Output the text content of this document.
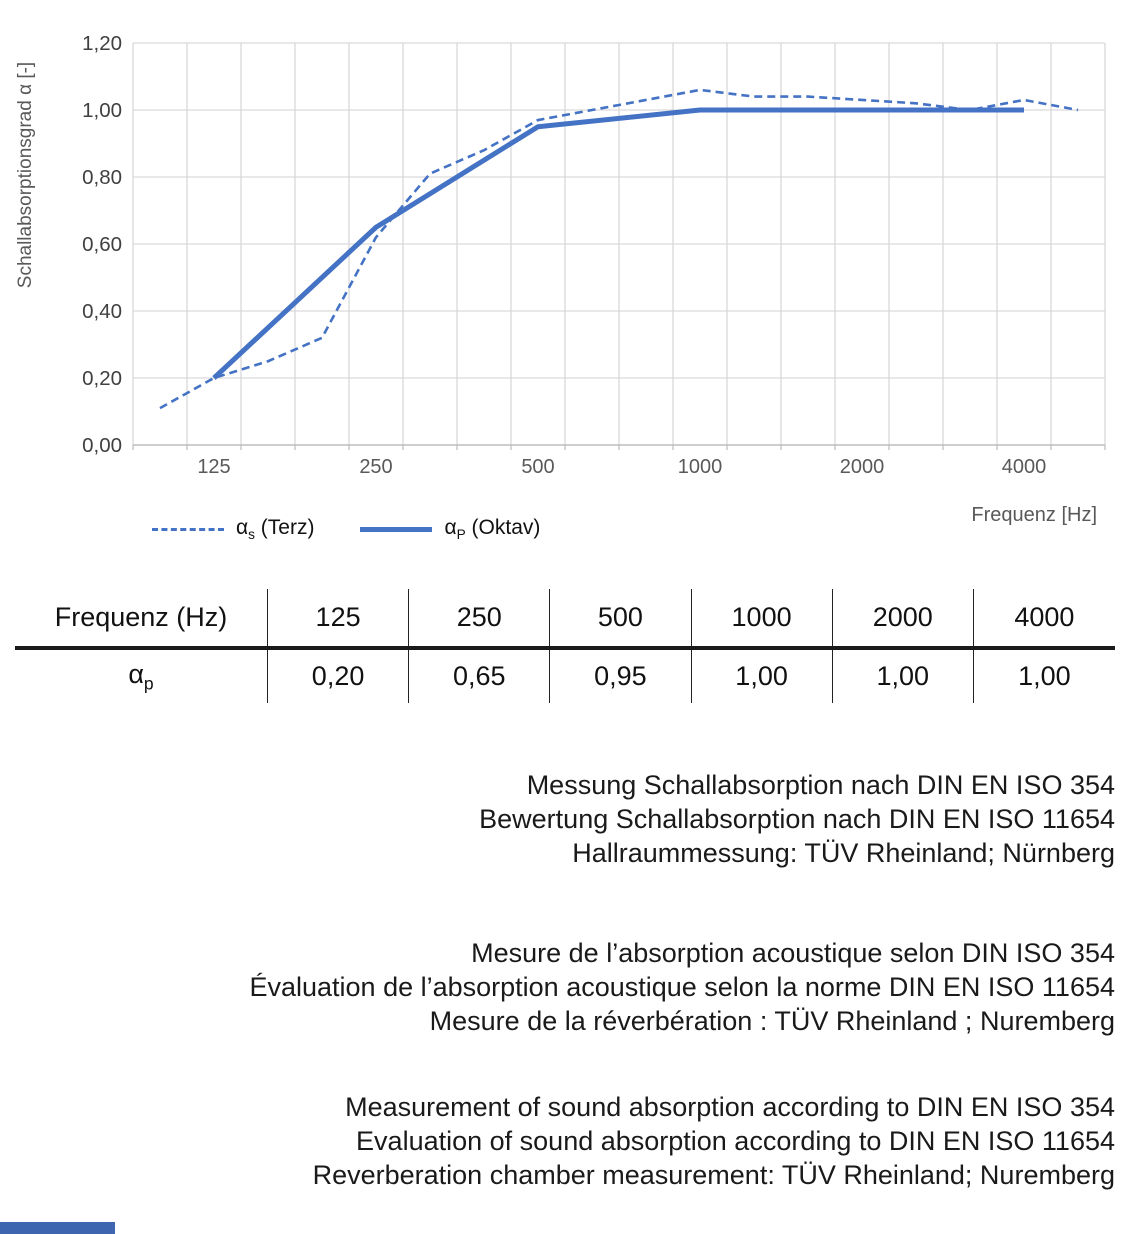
0,00
0,20
0,40
0,60
0,80
1,00
1,20
125	250	500	1000	2000	4000
Schallabsorptionsgrad α [-]
$\alpha_s$ (Terz)	$\alpha_P$ (Oktav)
Frequenz [Hz]
Frequenz (Hz)	125	250	500	1000	2000	4000
$\alpha_p$	0,20	0,65	0,95	1,00	1,00	1,00
Messung Schallabsorption nach DIN EN ISO 354
Bewertung Schallabsorption nach DIN EN ISO 11654
Hallraummessung: TÜV Rheinland; Nürnberg
Mesure de l’absorption acoustique selon DIN ISO 354
Évaluation de l’absorption acoustique selon la norme DIN EN ISO 11654
Mesure de la réverbération : TÜV Rheinland ; Nuremberg
Measurement of sound absorption according to DIN EN ISO 354
Evaluation of sound absorption according to DIN EN ISO 11654
Reverberation chamber measurement: TÜV Rheinland; Nuremberg
